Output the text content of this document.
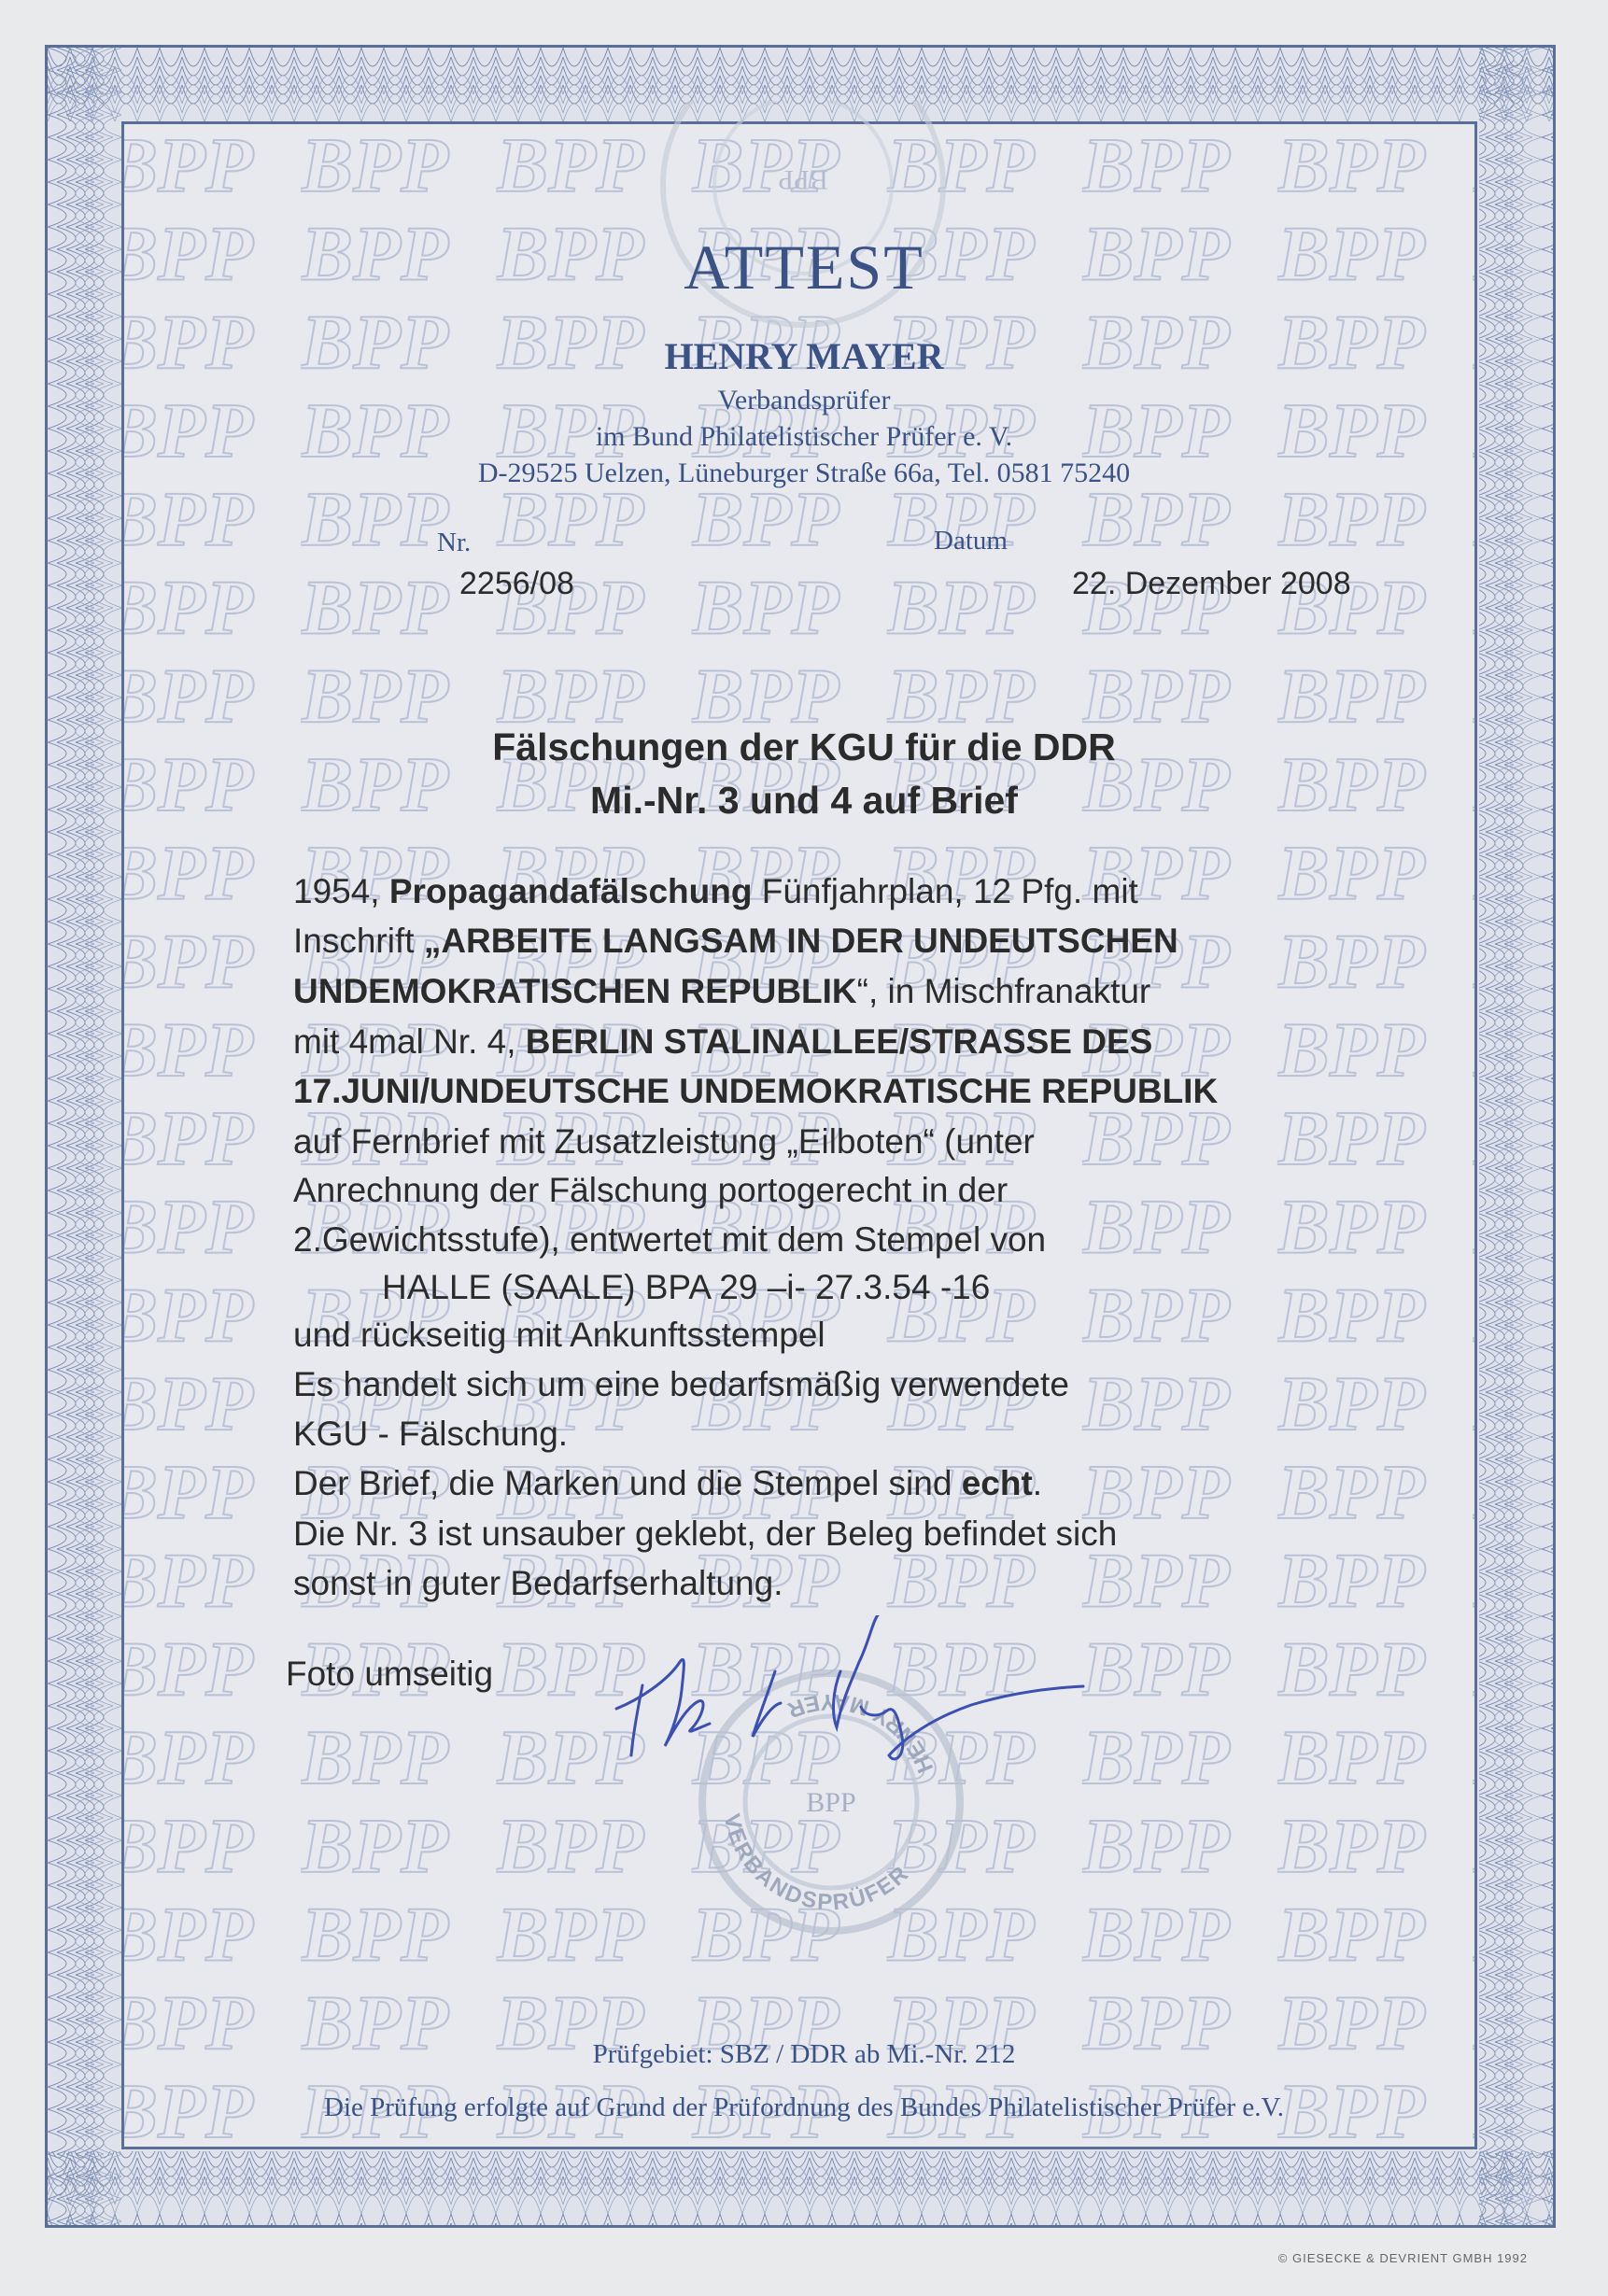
BPP
VERBANDSPRÜFER
HENRY MAYER
BPP
ATTEST
HENRY MAYER
Verbandsprüfer
im Bund Philatelistischer Prüfer e. V.
D-29525 Uelzen, Lüneburger Straße 66a, Tel. 0581 75240
Nr.
2256/08
Datum
22. Dezember 2008
Fälschungen der KGU für die DDR
Mi.-Nr. 3 und 4 auf Brief
1954, Propagandafälschung Fünfjahrplan, 12 Pfg. mit
Inschrift „ARBEITE LANGSAM IN DER UNDEUTSCHEN
UNDEMOKRATISCHEN REPUBLIK“, in Mischfranaktur
mit 4mal Nr. 4, BERLIN STALINALLEE/STRASSE DES
17.JUNI/UNDEUTSCHE UNDEMOKRATISCHE REPUBLIK
auf Fernbrief mit Zusatzleistung „Eilboten“ (unter
Anrechnung der Fälschung portogerecht in der
2.Gewichtsstufe), entwertet mit dem Stempel von
HALLE (SAALE) BPA 29 –i- 27.3.54 -16
und rückseitig mit Ankunftsstempel
Es handelt sich um eine bedarfsmäßig verwendete
KGU - Fälschung.
Der Brief, die Marken und die Stempel sind echt.
Die Nr. 3 ist unsauber geklebt, der Beleg befindet sich
sonst in guter Bedarfserhaltung.
Foto umseitig
Prüfgebiet: SBZ / DDR ab Mi.-Nr. 212
Die Prüfung erfolgte auf Grund der Prüfordnung des Bundes Philatelistischer Prüfer e.V.
© GIESECKE & DEVRIENT GMBH 1992
